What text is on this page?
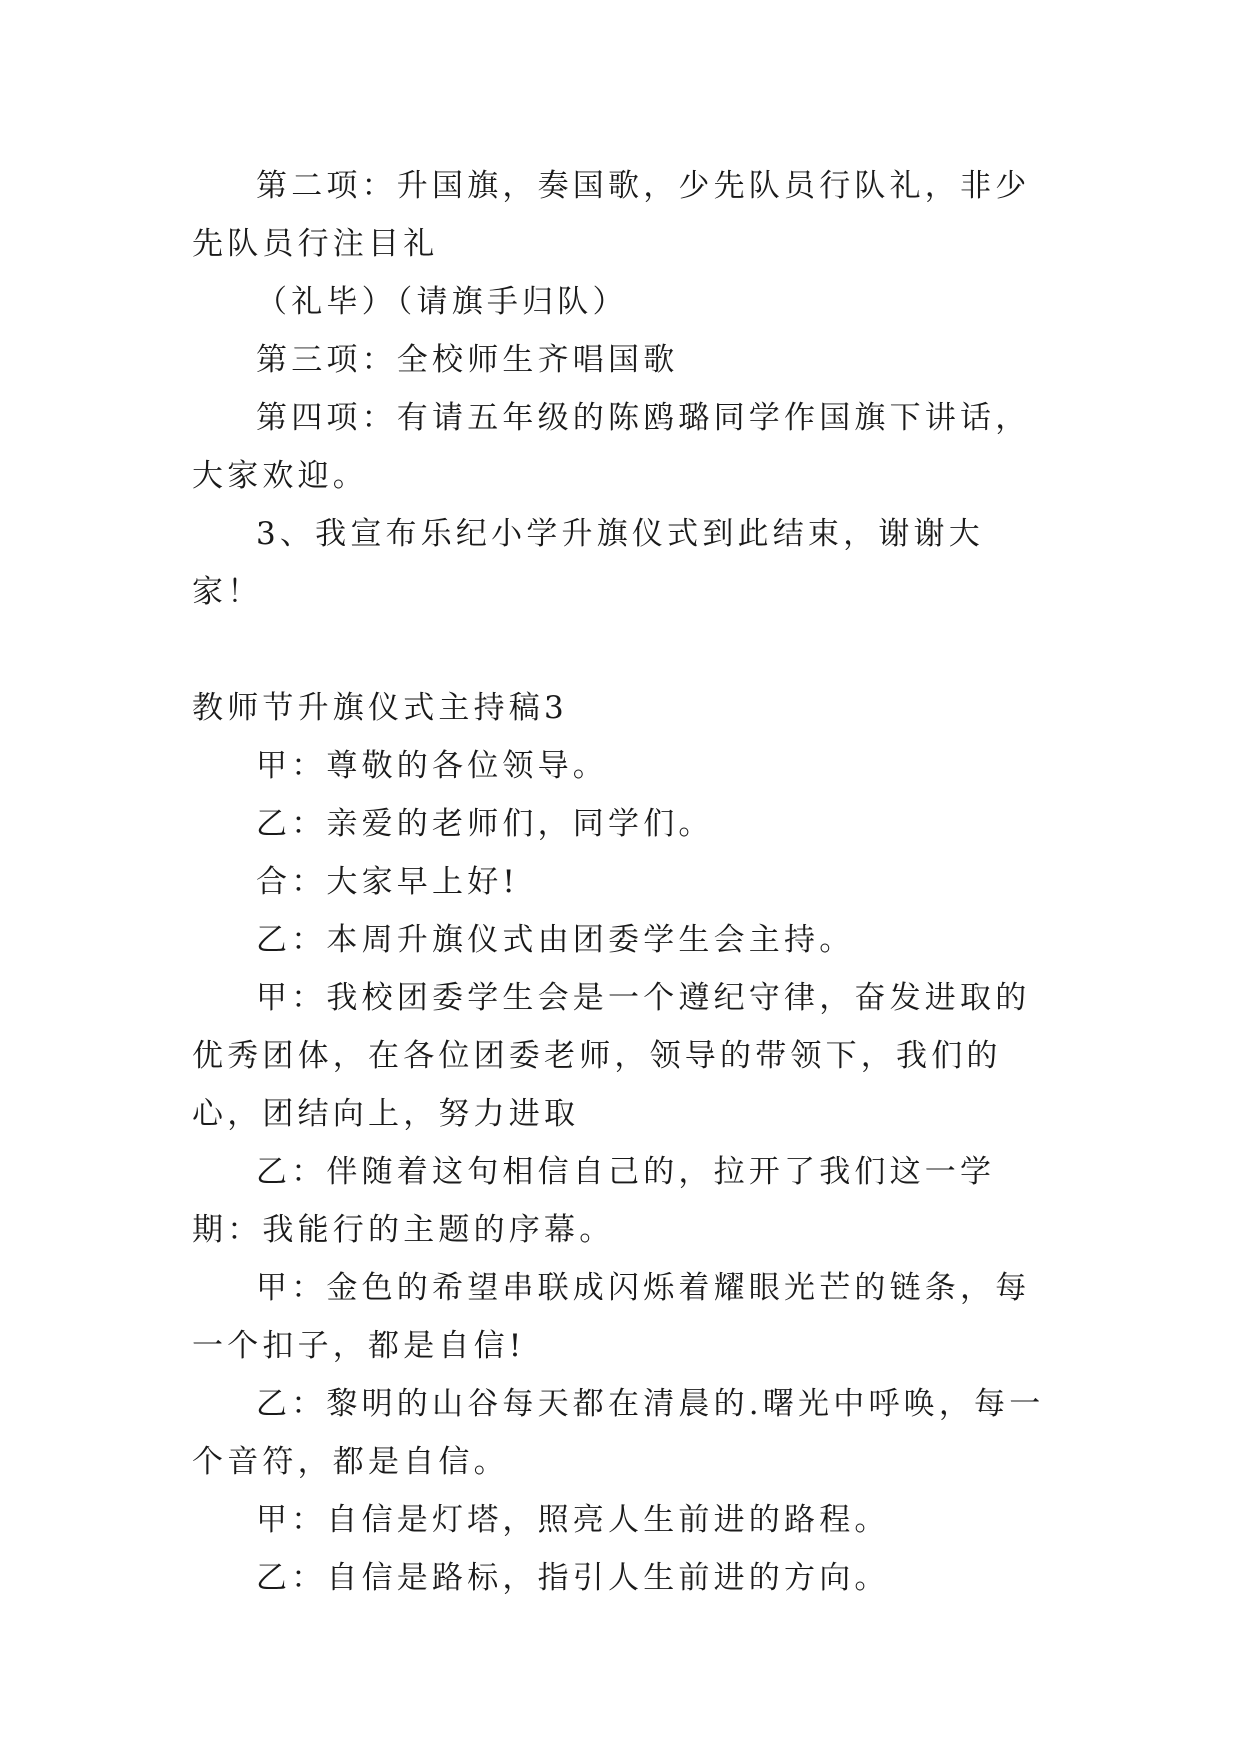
第二项：升国旗，奏国歌，少先队员行队礼，非少先队员行注目礼

（礼毕）（请旗手归队）

第三项：全校师生齐唱国歌

第四项：有请五年级的陈鸥璐同学作国旗下讲话，大家欢迎。

3、我宣布乐纪小学升旗仪式到此结束，谢谢大家！

教师节升旗仪式主持稿3

甲：尊敬的各位领导。

乙：亲爱的老师们，同学们。

合：大家早上好!

乙：本周升旗仪式由团委学生会主持。

甲：我校团委学生会是一个遵纪守律，奋发进取的优秀团体，在各位团委老师，领导的带领下，我们的心，团结向上，努力进取

乙：伴随着这句相信自己的，拉开了我们这一学期：我能行的主题的序幕。

甲：金色的希望串联成闪烁着耀眼光芒的链条，每一个扣子，都是自信!

乙：黎明的山谷每天都在清晨的.曙光中呼唤，每一个音符，都是自信。

甲：自信是灯塔，照亮人生前进的路程。

乙：自信是路标，指引人生前进的方向。
